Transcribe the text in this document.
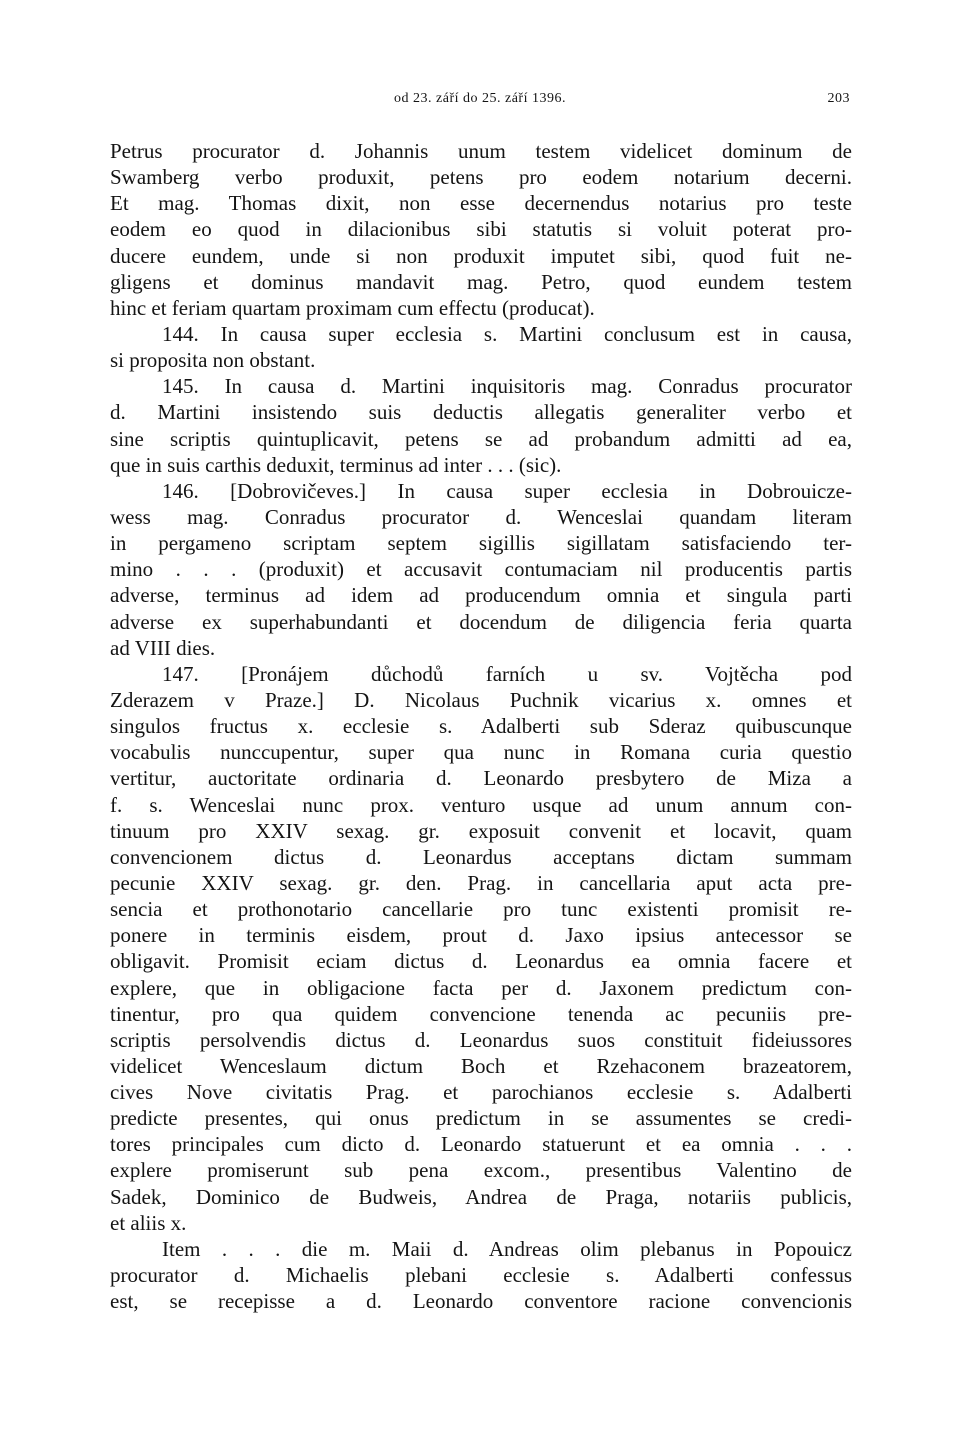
od 23. září do 25. září 1396.	203
Petrus procurator d. Johannis unum testem videlicet dominum de
Swamberg verbo produxit, petens pro eodem notarium decerni.
Et mag. Thomas dixit, non esse decernendus notarius pro teste
eodem eo quod in dilacionibus sibi statutis si voluit poterat pro-
ducere eundem, unde si non produxit imputet sibi, quod fuit ne-
gligens et dominus mandavit mag. Petro, quod eundem testem
hinc et feriam quartam proximam cum effectu (producat).
144. In causa super ecclesia s. Martini conclusum est in causa,
si proposita non obstant.
145. In causa d. Martini inquisitoris mag. Conradus procurator
d. Martini insistendo suis deductis allegatis generaliter verbo et
sine scriptis quintuplicavit, petens se ad probandum admitti ad ea,
que in suis carthis deduxit, terminus ad inter . . . (sic).
146. [Dobrovičeves.] In causa super ecclesia in Dobrouicze-
wess mag. Conradus procurator d. Wenceslai quandam literam
in pergameno scriptam septem sigillis sigillatam satisfaciendo ter-
mino . . . (produxit) et accusavit contumaciam nil producentis partis
adverse, terminus ad idem ad producendum omnia et singula parti
adverse ex superhabundanti et docendum de diligencia feria quarta
ad VIII dies.
147. [Pronájem důchodů farních u sv. Vojtěcha pod
Zderazem v Praze.] D. Nicolaus Puchnik vicarius x. omnes et
singulos fructus x. ecclesie s. Adalberti sub Sderaz quibuscunque
vocabulis nunccupentur, super qua nunc in Romana curia questio
vertitur, auctoritate ordinaria d. Leonardo presbytero de Miza a
f. s. Wenceslai nunc prox. venturo usque ad unum annum con-
tinuum pro XXIV sexag. gr. exposuit convenit et locavit, quam
convencionem dictus d. Leonardus acceptans dictam summam
pecunie XXIV sexag. gr. den. Prag. in cancellaria aput acta pre-
sencia et prothonotario cancellarie pro tunc existenti promisit re-
ponere in terminis eisdem, prout d. Jaxo ipsius antecessor se
obligavit. Promisit eciam dictus d. Leonardus ea omnia facere et
explere, que in obligacione facta per d. Jaxonem predictum con-
tinentur, pro qua quidem convencione tenenda ac pecuniis pre-
scriptis persolvendis dictus d. Leonardus suos constituit fideiussores
videlicet Wenceslaum dictum Boch et Rzehaconem brazeatorem,
cives Nove civitatis Prag. et parochianos ecclesie s. Adalberti
predicte presentes, qui onus predictum in se assumentes se credi-
tores principales cum dicto d. Leonardo statuerunt et ea omnia . . .
explere promiserunt sub pena excom., presentibus Valentino de
Sadek, Dominico de Budweis, Andrea de Praga, notariis publicis,
et aliis x.
Item . . . die m. Maii d. Andreas olim plebanus in Popouicz
procurator d. Michaelis plebani ecclesie s. Adalberti confessus
est, se recepisse a d. Leonardo conventore racione convencionis
